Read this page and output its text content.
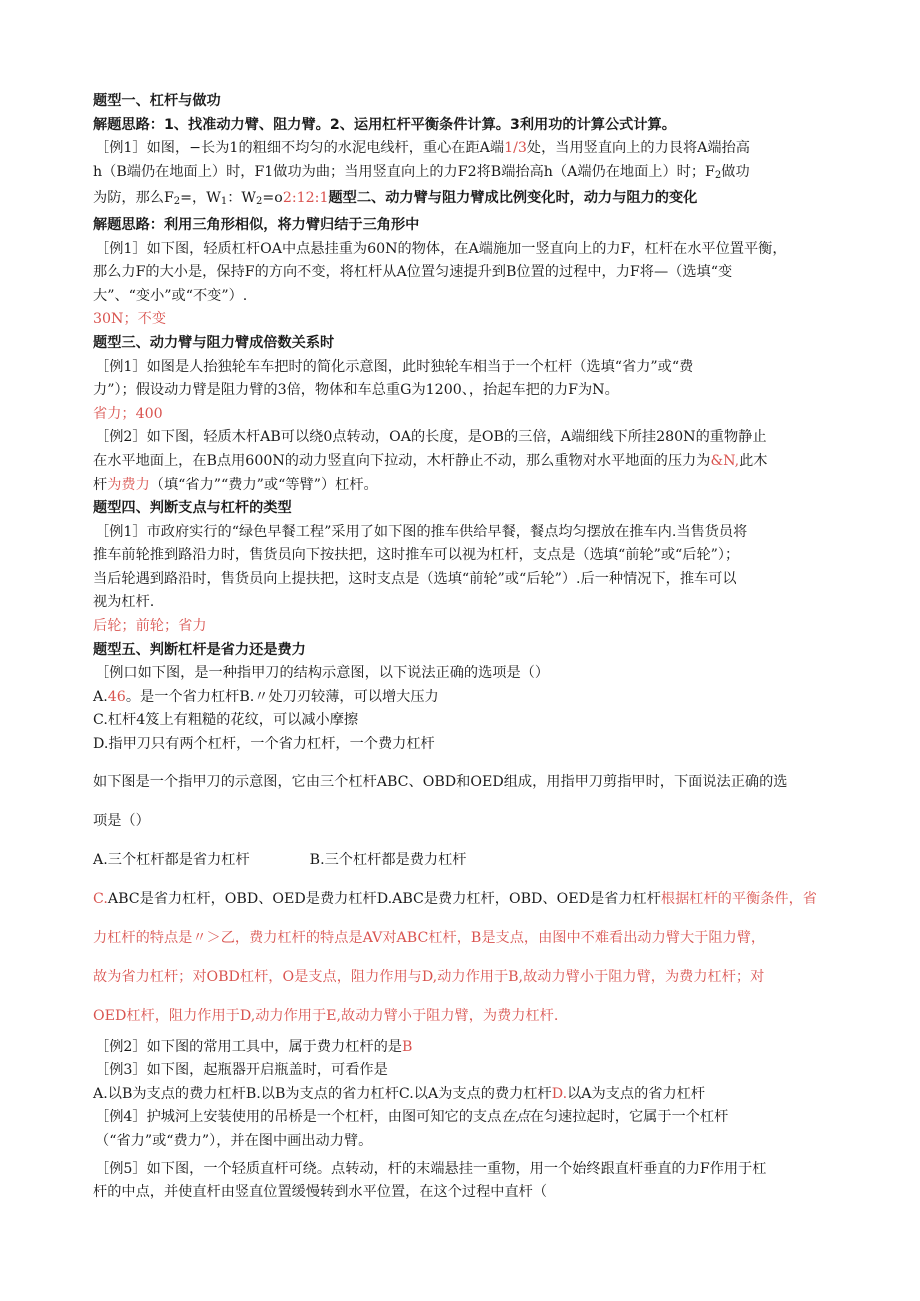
题型一、杠杆与做功
解题思路：1、找准动力臂、阻力臂。2、运用杠杆平衡条件计算。3利用功的计算公式计算。
［例1］如图，−长为1的粗细不均匀的水泥电线杆，重心在距A端1/3处，当用竖直向上的力艮将A端抬高
h（B端仍在地面上）时，F1做功为曲；当用竖直向上的力F2将B端抬高h（A端仍在地面上）时；$F_2$做功
为防，那么$F_2=$，$W_1$：$W_2=o2:12:1$题型二、动力臂与阻力臂成比例变化时，动力与阻力的变化
解题思路：利用三角形相似，将力臂归结于三角形中
［例1］如下图，轻质杠杆OA中点悬挂重为60N的物体，在A端施加一竖直向上的力F，杠杆在水平位置平衡，
那么力F的大小是，保持F的方向不变，将杠杆从A位置匀速提升到B位置的过程中，力F将—（选填“变
大”、“变小”或“不变”）.
30N；不变
题型三、动力臂与阻力臂成倍数关系时
［例1］如图是人抬独轮车车把时的简化示意图，此时独轮车相当于一个杠杆（选填“省力”或“费
力”）；假设动力臂是阻力臂的3倍，物体和车总重G为1200、，抬起车把的力F为N。
省力；400
［例2］如下图，轻质木杆AB可以绕0点转动，OA的长度，是OB的三倍，A端细线下所挂280N的重物静止
在水平地面上，在B点用600N的动力竖直向下拉动，木杆静止不动，那么重物对水平地面的压力为&N,此木
杆为费力（填“省力”“费力”或“等臂”）杠杆。
题型四、判断支点与杠杆的类型
［例1］市政府实行的“绿色早餐工程”采用了如下图的推车供给早餐，餐点均匀摆放在推车内.当售货员将
推车前轮推到路沿力时，售货员向下按扶把，这时推车可以视为杠杆，支点是（选填“前轮”或“后轮”）；
当后轮遇到路沿时，售货员向上提扶把，这时支点是（选填“前轮”或“后轮”）.后一种情况下，推车可以
视为杠杆.
后轮；前轮；省力
题型五、判断杠杆是省力还是费力
［例口如下图，是一种指甲刀的结构示意图，以下说法正确的选项是（）
A.46。是一个省力杠杆B.〃处刀刃较薄，可以增大压力
C.杠杆4笈上有粗糙的花纹，可以减小摩擦
D.指甲刀只有两个杠杆，一个省力杠杆，一个费力杠杆
如下图是一个指甲刀的示意图，它由三个杠杆ABC、OBD和OED组成，用指甲刀剪指甲时，下面说法正确的选
项是（）
A.三个杠杆都是省力杠杆	B.三个杠杆都是费力杠杆
C.ABC是省力杠杆，OBD、OED是费力杠杆D.ABC是费力杠杆，OBD、OED是省力杠杆根据杠杆的平衡条件，省
力杠杆的特点是〃＞乙，费力杠杆的特点是AV对ABC杠杆，B是支点，由图中不难看出动力臂大于阻力臂，
故为省力杠杆；对OBD杠杆，O是支点，阻力作用与D,动力作用于B,故动力臂小于阻力臂，为费力杠杆；对
OED杠杆，阻力作用于D,动力作用于E,故动力臂小于阻力臂，为费力杠杆.
［例2］如下图的常用工具中，属于费力杠杆的是B
［例3］如下图，起瓶器开启瓶盖时，可看作是
A.以B为支点的费力杠杆B.以B为支点的省力杠杆C.以A为支点的费力杠杆D.以A为支点的省力杠杆
［例4］护城河上安装使用的吊桥是一个杠杆，由图可知它的支点在点在匀速拉起时，它属于一个杠杆
（“省力”或“费力”），并在图中画出动力臂。
［例5］如下图，一个轻质直杆可绕。点转动，杆的末端悬挂一重物，用一个始终跟直杆垂直的力F作用于杠
杆的中点，并使直杆由竖直位置缓慢转到水平位置，在这个过程中直杆（
